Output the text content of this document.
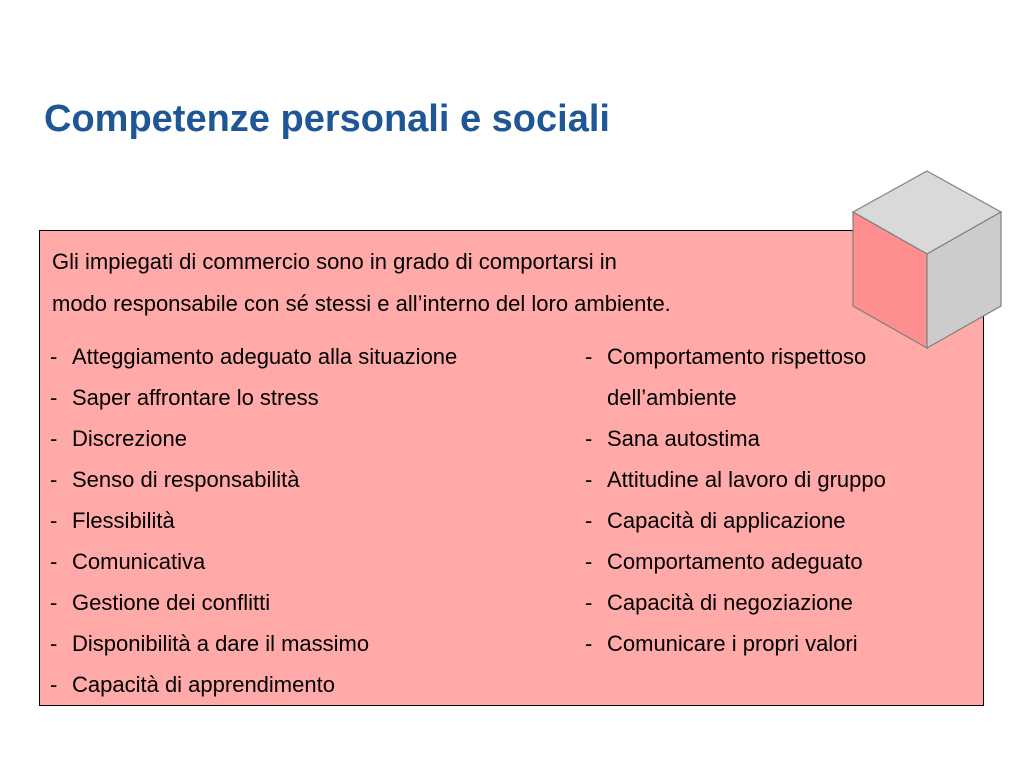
Competenze personali e sociali

Gli impiegati di commercio sono in grado di comportarsi in
modo responsabile con sé stessi e all’interno del loro ambiente.

- Atteggiamento adeguato alla situazione
- Saper affrontare lo stress
- Discrezione
- Senso di responsabilità
- Flessibilità
- Comunicativa
- Gestione dei conflitti
- Disponibilità a dare il massimo
- Capacità di apprendimento
- Comportamento rispettoso
dell’ambiente
- Sana autostima
- Attitudine al lavoro di gruppo
- Capacità di applicazione
- Comportamento adeguato
- Capacità di negoziazione
- Comunicare i propri valori
